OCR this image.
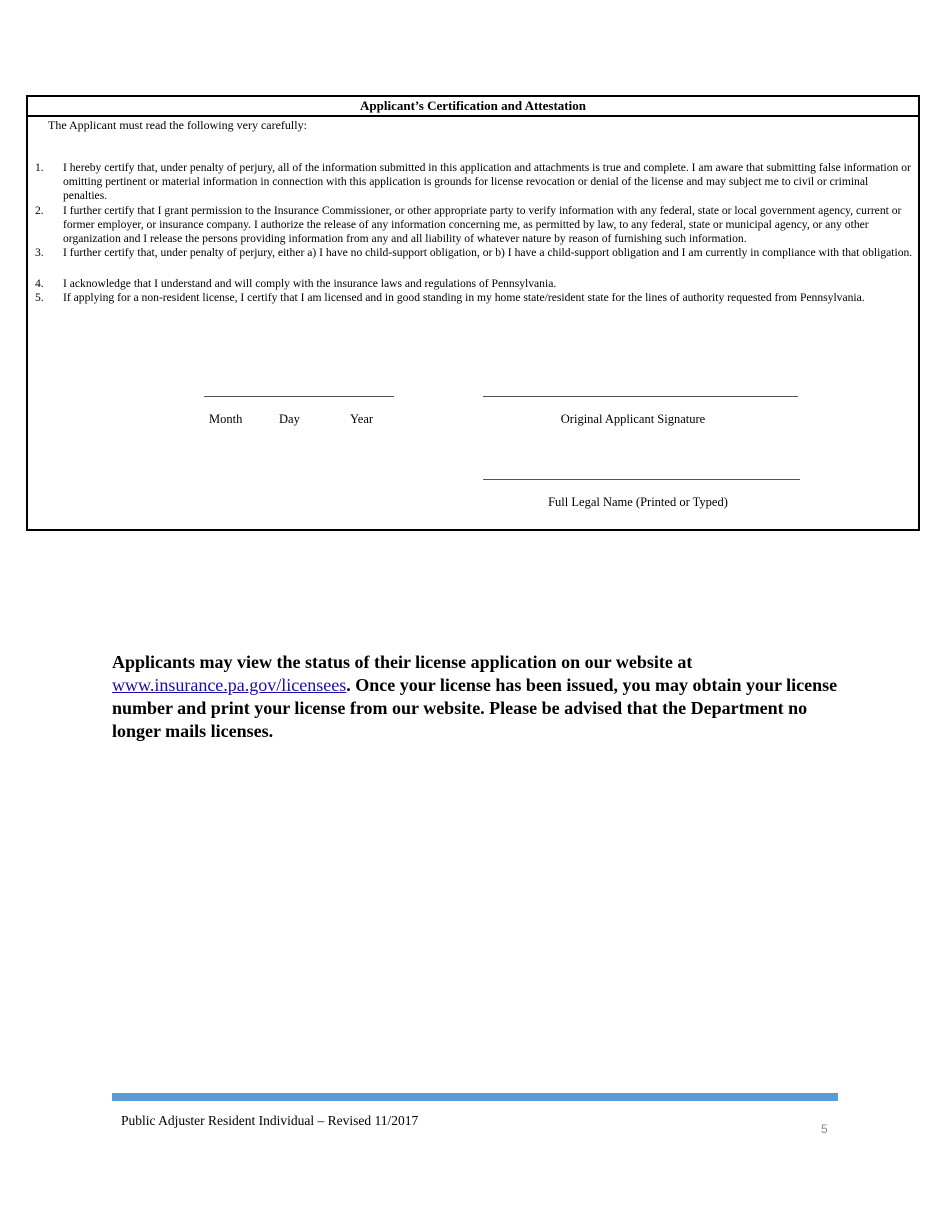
Applicant’s Certification and Attestation
The Applicant must read the following very carefully:
1. I hereby certify that, under penalty of perjury, all of the information submitted in this application and attachments is true and complete. I am aware that submitting false information or omitting pertinent or material information in connection with this application is grounds for license revocation or denial of the license and may subject me to civil or criminal penalties.
2. I further certify that I grant permission to the Insurance Commissioner, or other appropriate party to verify information with any federal, state or local government agency, current or former employer, or insurance company. I authorize the release of any information concerning me, as permitted by law, to any federal, state or municipal agency, or any other organization and I release the persons providing information from any and all liability of whatever nature by reason of furnishing such information.
3. I further certify that, under penalty of perjury, either a) I have no child-support obligation, or b) I have a child-support obligation and I am currently in compliance with that obligation.
4. I acknowledge that I understand and will comply with the insurance laws and regulations of Pennsylvania.
5. If applying for a non-resident license, I certify that I am licensed and in good standing in my home state/resident state for the lines of authority requested from Pennsylvania.
Month	Day	Year	Original Applicant Signature
Full Legal Name (Printed or Typed)
Applicants may view the status of their license application on our website at
www.insurance.pa.gov/licensees. Once your license has been issued, you may obtain your license number and print your license from our website. Please be advised that the Department no longer mails licenses.
Public Adjuster Resident Individual – Revised 11/2017
5
